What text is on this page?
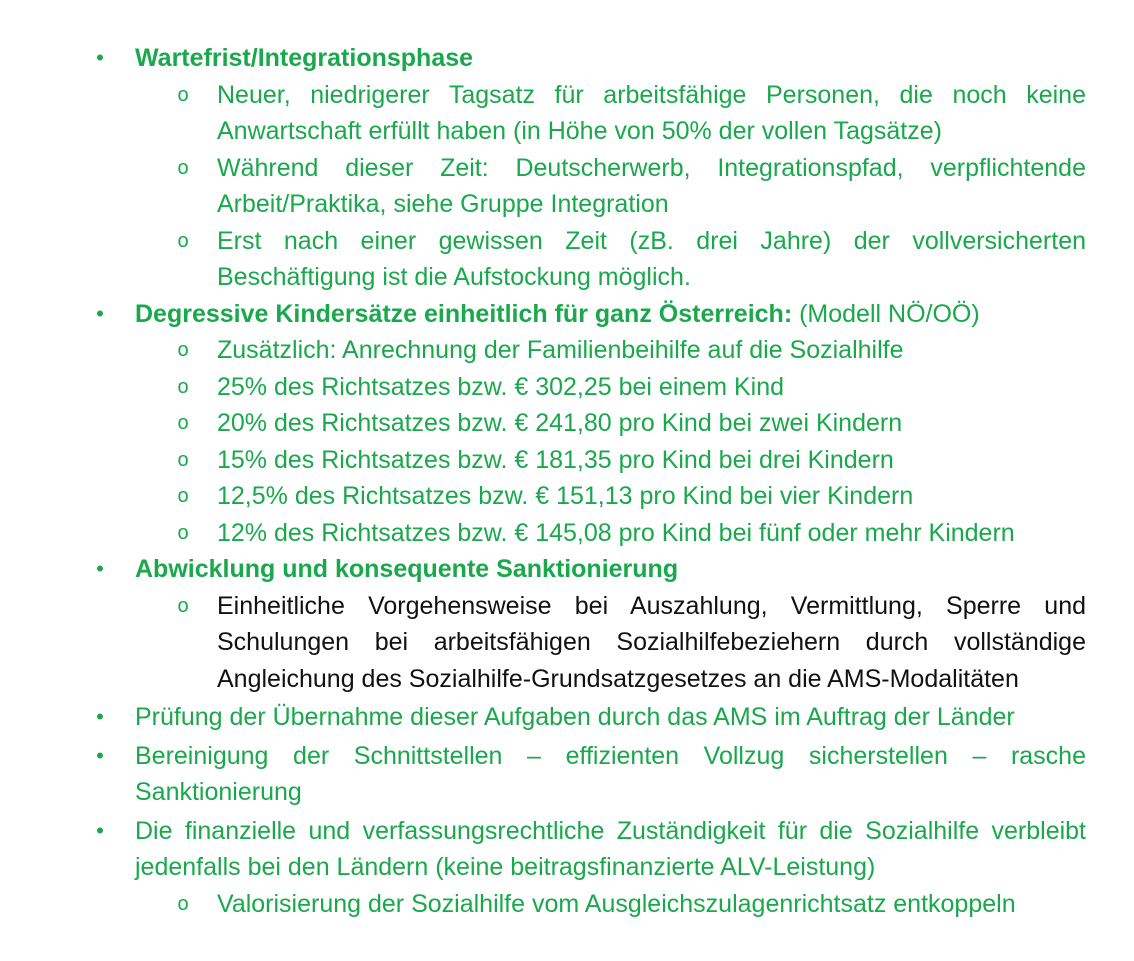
• Wartefrist/Integrationsphase
o Neuer, niedrigerer Tagsatz für arbeitsfähige Personen, die noch keine Anwartschaft erfüllt haben (in Höhe von 50% der vollen Tagsätze)
o Während dieser Zeit: Deutscherwerb, Integrationspfad, verpflichtende Arbeit/Praktika, siehe Gruppe Integration
o Erst nach einer gewissen Zeit (zB. drei Jahre) der vollversicherten Beschäftigung ist die Aufstockung möglich.
• Degressive Kindersätze einheitlich für ganz Österreich: (Modell NÖ/OÖ)
o Zusätzlich: Anrechnung der Familienbeihilfe auf die Sozialhilfe
o 25% des Richtsatzes bzw. € 302,25 bei einem Kind
o 20% des Richtsatzes bzw. € 241,80 pro Kind bei zwei Kindern
o 15% des Richtsatzes bzw. € 181,35 pro Kind bei drei Kindern
o 12,5% des Richtsatzes bzw. € 151,13 pro Kind bei vier Kindern
o 12% des Richtsatzes bzw. € 145,08 pro Kind bei fünf oder mehr Kindern
• Abwicklung und konsequente Sanktionierung
o Einheitliche Vorgehensweise bei Auszahlung, Vermittlung, Sperre und Schulungen bei arbeitsfähigen Sozialhilfebeziehern durch vollständige Angleichung des Sozialhilfe-Grundsatzgesetzes an die AMS-Modalitäten
• Prüfung der Übernahme dieser Aufgaben durch das AMS im Auftrag der Länder
• Bereinigung der Schnittstellen – effizienten Vollzug sicherstellen – rasche Sanktionierung
• Die finanzielle und verfassungsrechtliche Zuständigkeit für die Sozialhilfe verbleibt jedenfalls bei den Ländern (keine beitragsfinanzierte ALV-Leistung)
o Valorisierung der Sozialhilfe vom Ausgleichszulagenrichtsatz entkoppeln
